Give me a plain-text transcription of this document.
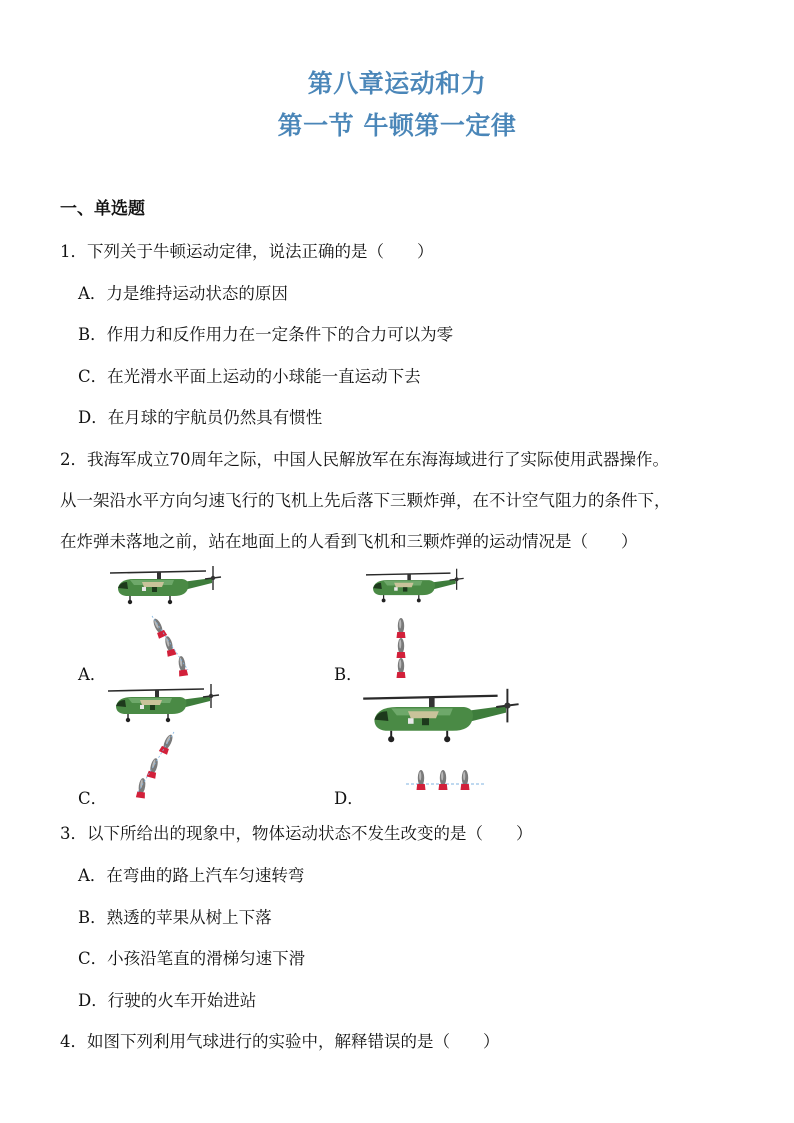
第八章运动和力
第一节 牛顿第一定律
一、单选题
1．下列关于牛顿运动定律，说法正确的是（　　）
A．力是维持运动状态的原因
B．作用力和反作用力在一定条件下的合力可以为零
C．在光滑水平面上运动的小球能一直运动下去
D．在月球的宇航员仍然具有惯性
2．我海军成立70周年之际，中国人民解放军在东海海域进行了实际使用武器操作。
从一架沿水平方向匀速飞行的飞机上先后落下三颗炸弹，在不计空气阻力的条件下，
在炸弹未落地之前，站在地面上的人看到飞机和三颗炸弹的运动情况是（　　）
A．	B．
C．	D．
3．以下所给出的现象中，物体运动状态不发生改变的是（　　）
A．在弯曲的路上汽车匀速转弯
B．熟透的苹果从树上下落
C．小孩沿笔直的滑梯匀速下滑
D．行驶的火车开始进站
4．如图下列利用气球进行的实验中，解释错误的是（　　）
